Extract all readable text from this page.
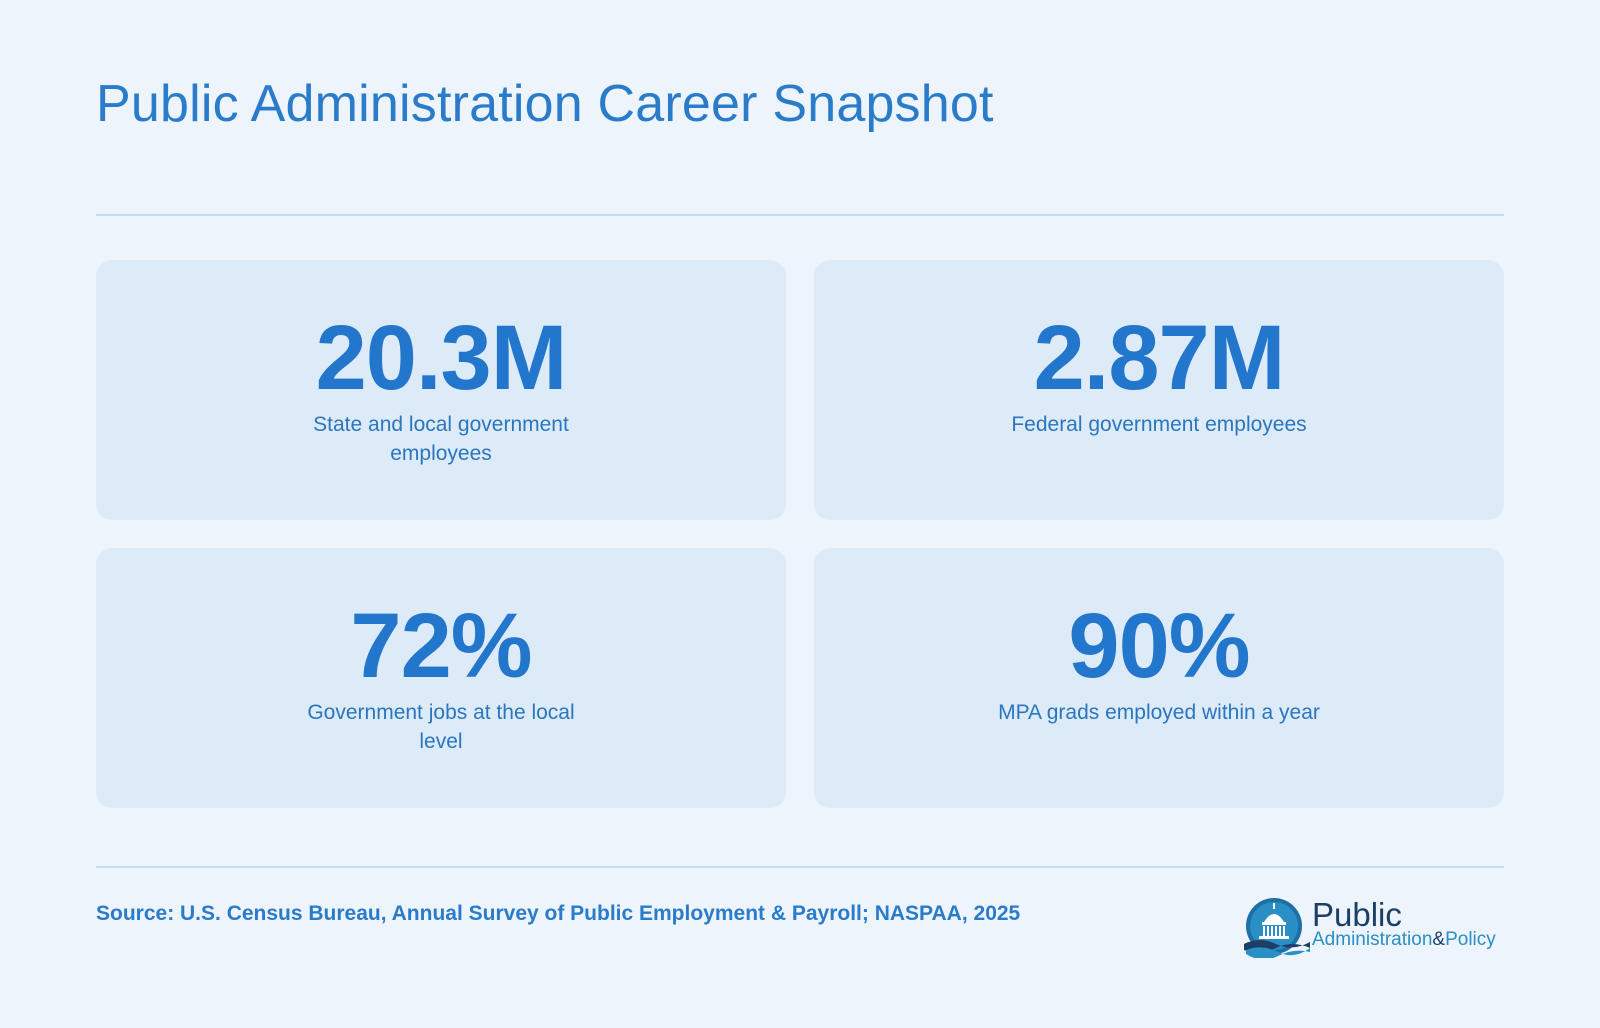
Public Administration Career Snapshot
20.3M
State and local government employees
2.87M
Federal government employees
72%
Government jobs at the local level
90%
MPA grads employed within a year
Source: U.S. Census Bureau, Annual Survey of Public Employment & Payroll; NASPAA, 2025	Public
Administration&Policy
